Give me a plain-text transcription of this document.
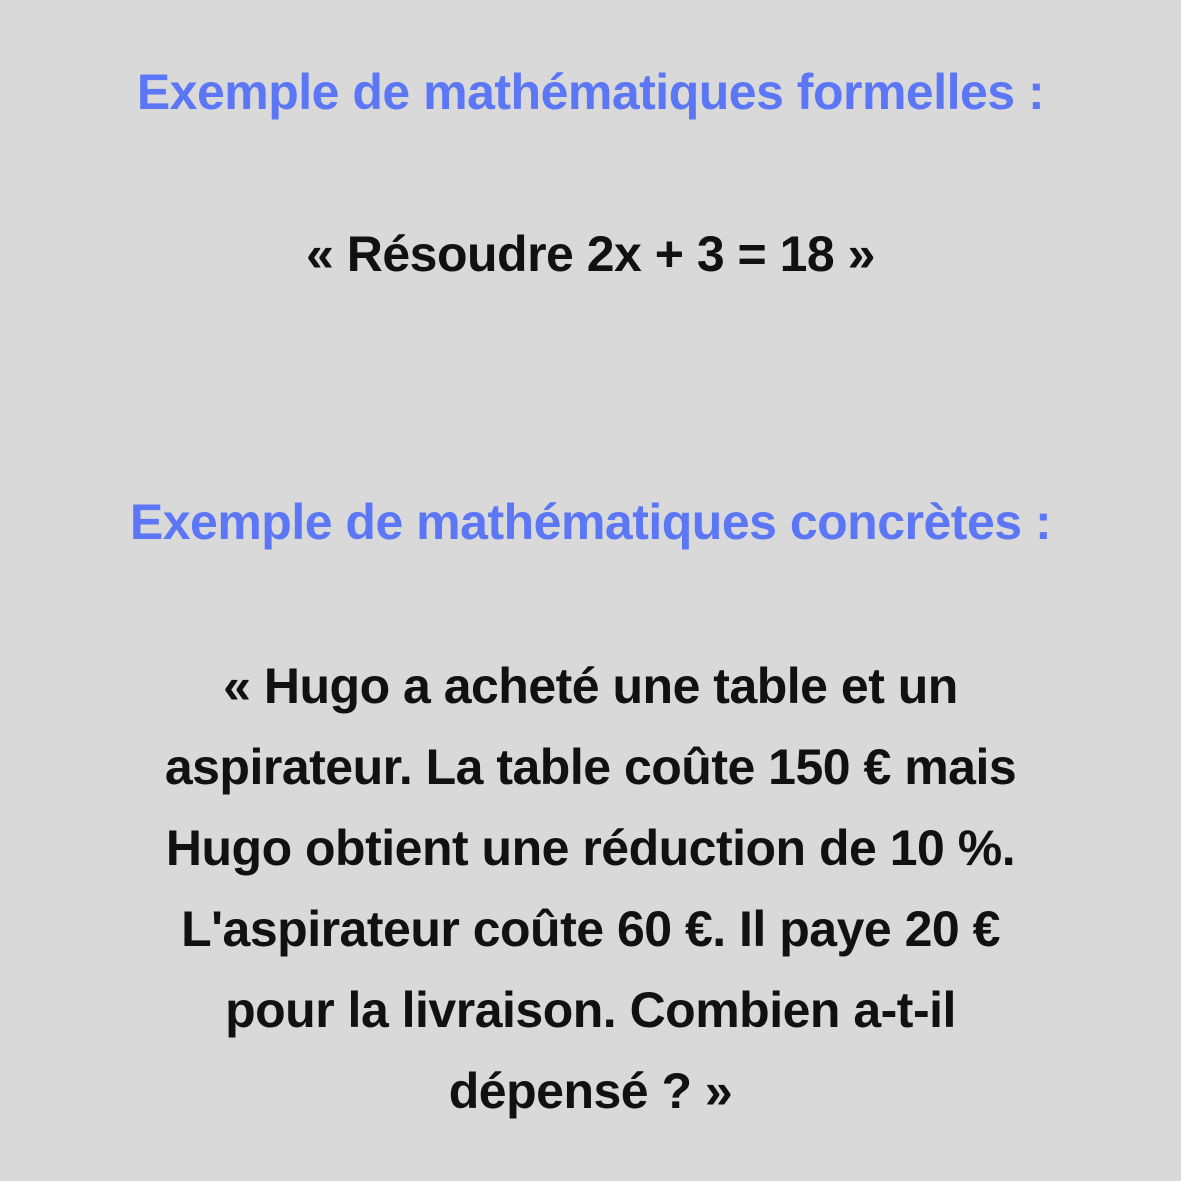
Exemple de mathématiques formelles :
« Résoudre 2x + 3 = 18 »
Exemple de mathématiques concrètes :
« Hugo a acheté une table et un
aspirateur. La table coûte 150 € mais
Hugo obtient une réduction de 10 %.
L'aspirateur coûte 60 €. Il paye 20 €
pour la livraison. Combien a-t-il
dépensé ? »
